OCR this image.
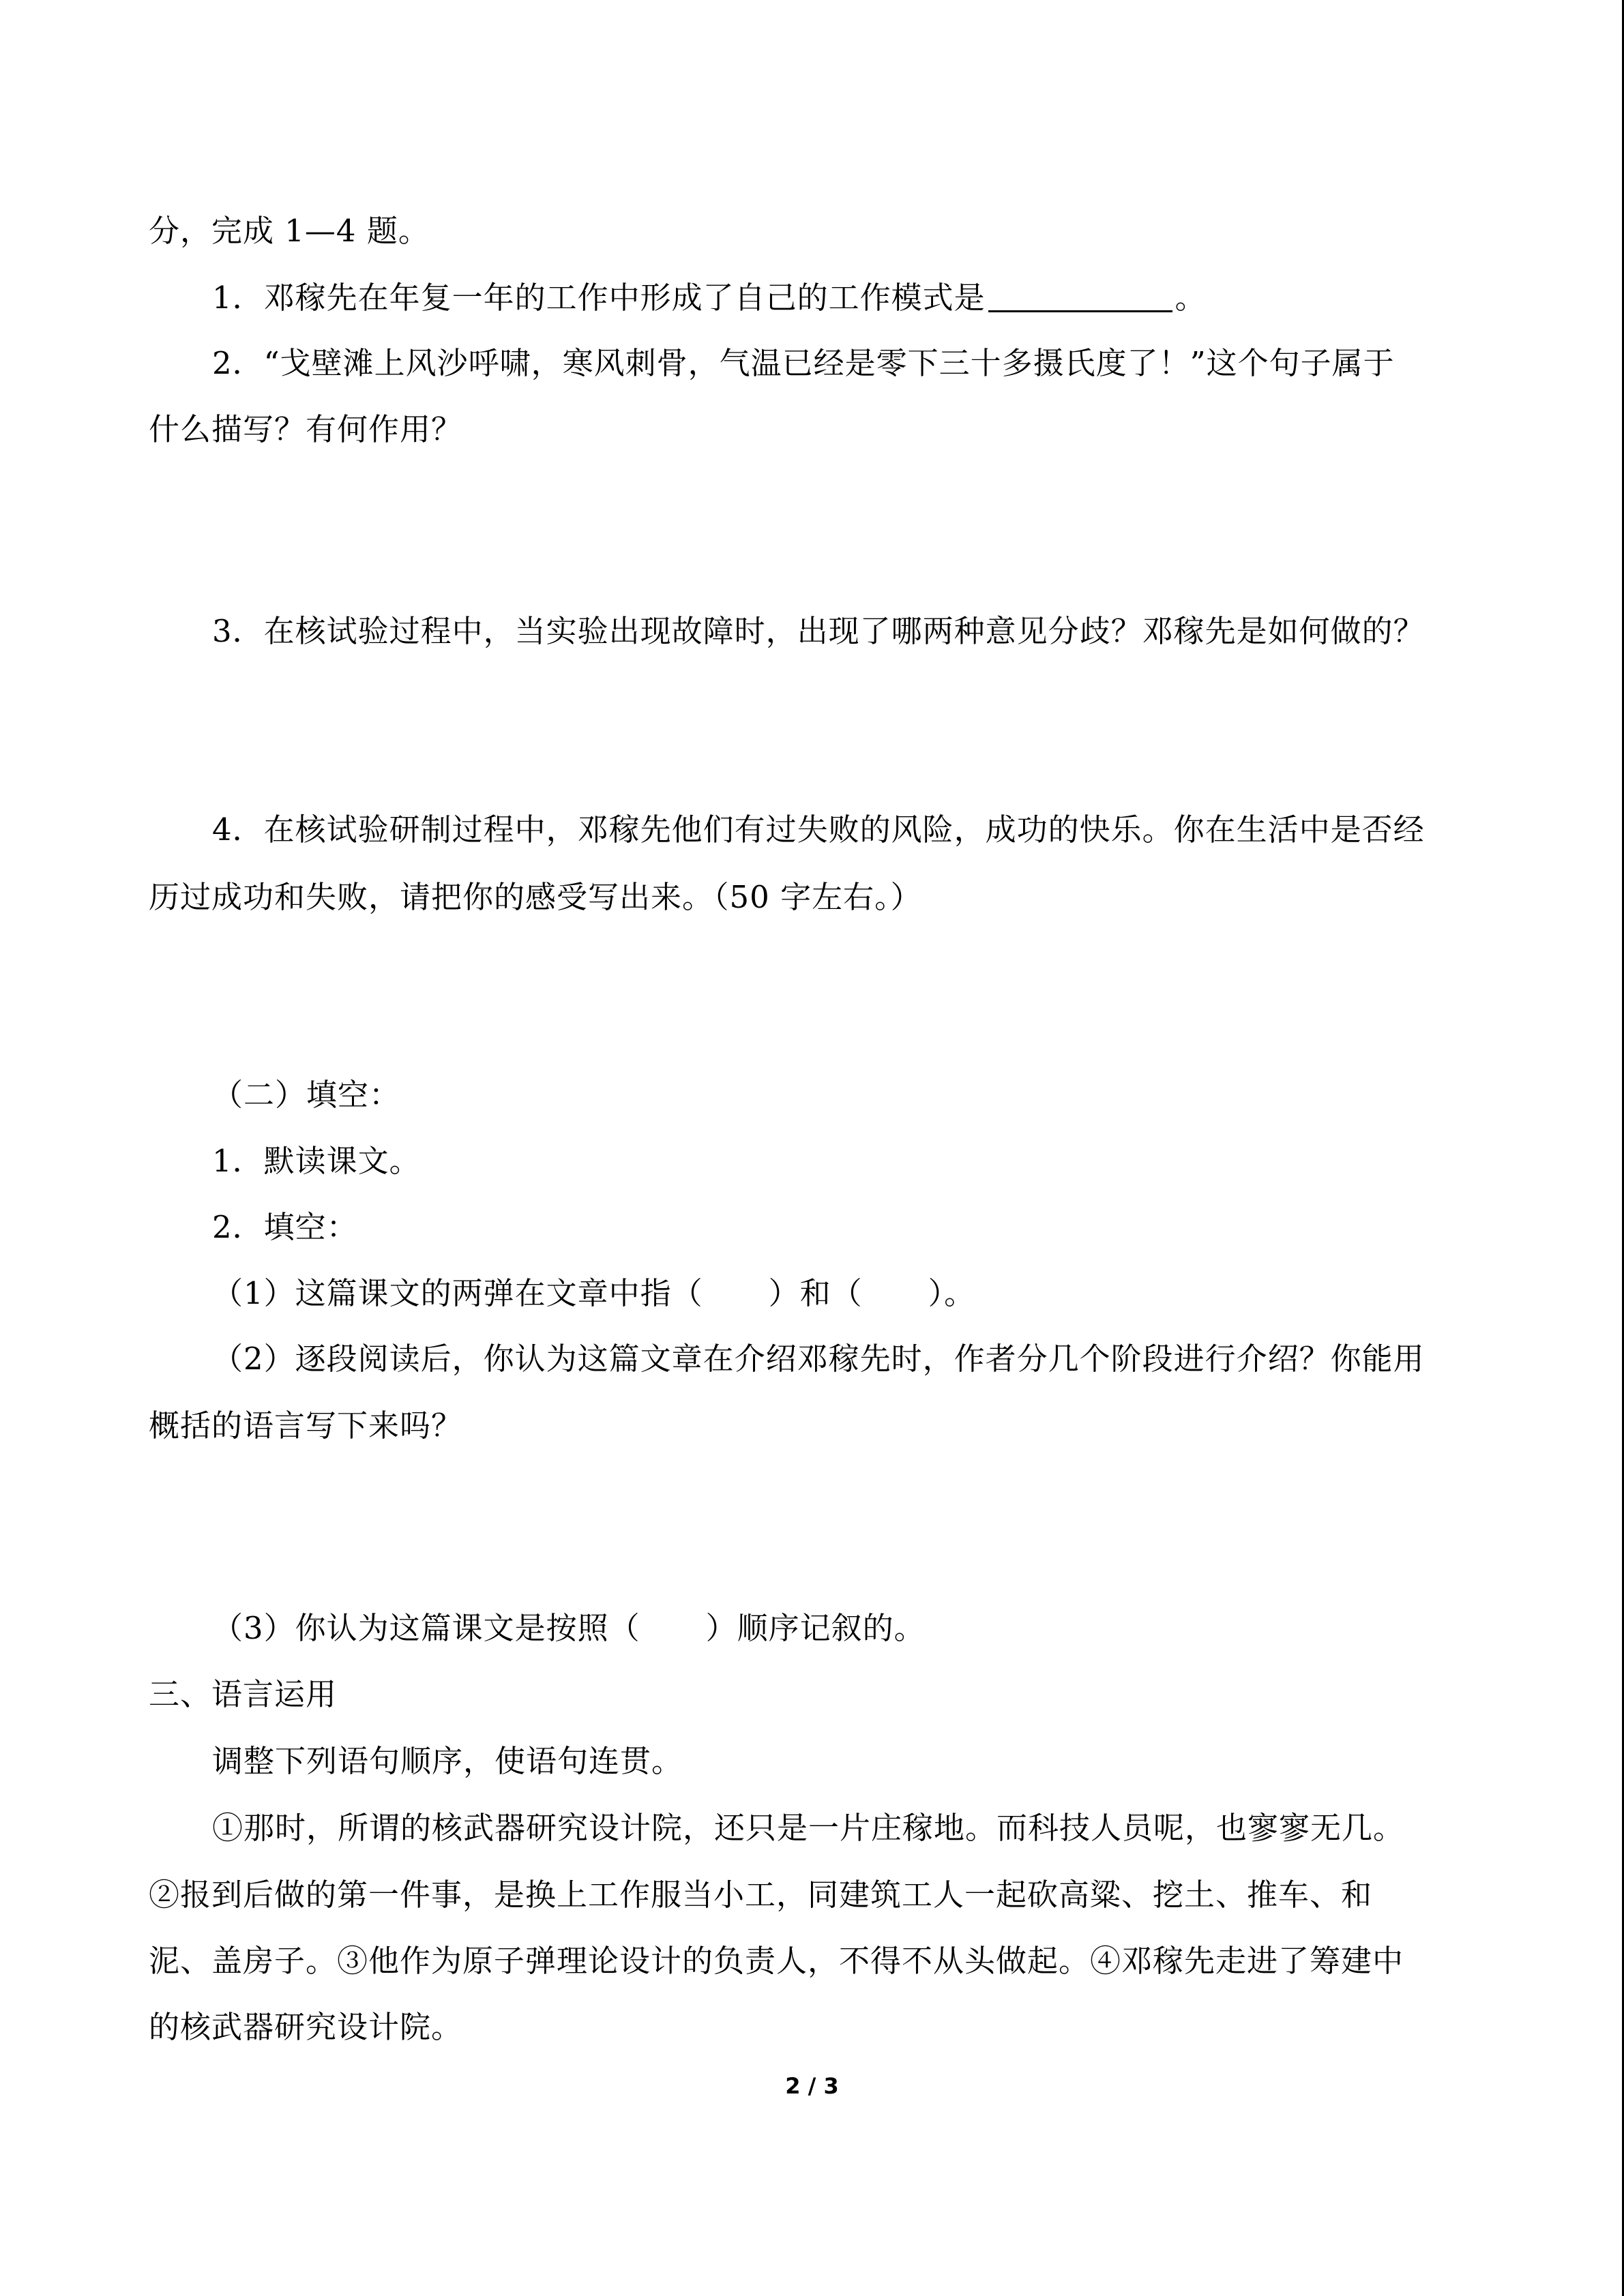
分，完成 1—4 题。
1．邓稼先在年复一年的工作中形成了自己的工作模式是	。
2．“戈壁滩上风沙呼啸，寒风刺骨，气温已经是零下三十多摄氏度了！”这个句子属于
什么描写？有何作用？
3．在核试验过程中，当实验出现故障时，出现了哪两种意见分歧？邓稼先是如何做的？
4．在核试验研制过程中，邓稼先他们有过失败的风险，成功的快乐。你在生活中是否经
历过成功和失败，请把你的感受写出来。（50 字左右。）
（二）填空：
1．默读课文。
2．填空：
（1）这篇课文的两弹在文章中指（ ）和（ ）。
（2）逐段阅读后，你认为这篇文章在介绍邓稼先时，作者分几个阶段进行介绍？你能用
概括的语言写下来吗？
（3）你认为这篇课文是按照（ ）顺序记叙的。
三、语言运用
调整下列语句顺序，使语句连贯。
①那时，所谓的核武器研究设计院，还只是一片庄稼地。而科技人员呢，也寥寥无几。
②报到后做的第一件事，是换上工作服当小工，同建筑工人一起砍高粱、挖土、推车、和
泥、盖房子。③他作为原子弹理论设计的负责人，不得不从头做起。④邓稼先走进了筹建中
的核武器研究设计院。
2 / 3
